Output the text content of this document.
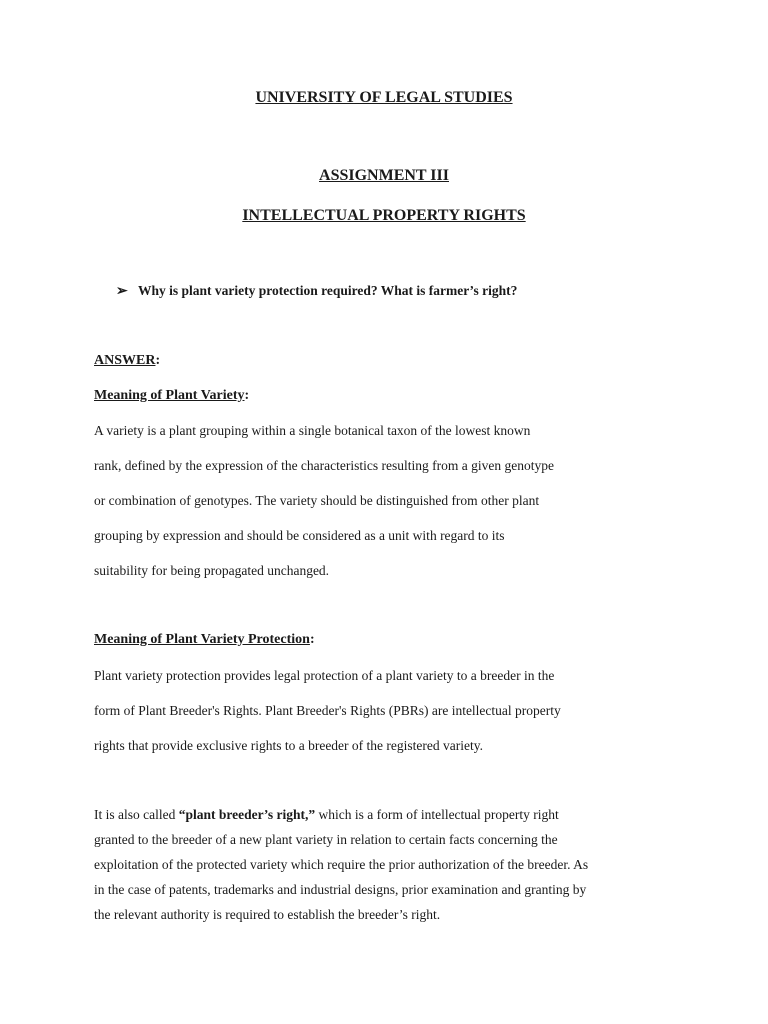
UNIVERSITY OF LEGAL STUDIES
ASSIGNMENT III
INTELLECTUAL PROPERTY RIGHTS
➢ Why is plant variety protection required? What is farmer’s right?
ANSWER:
Meaning of Plant Variety:
A variety is a plant grouping within a single botanical taxon of the lowest known
rank, defined by the expression of the characteristics resulting from a given genotype
or combination of genotypes. The variety should be distinguished from other plant
grouping by expression and should be considered as a unit with regard to its
suitability for being propagated unchanged.
Meaning of Plant Variety Protection:
Plant variety protection provides legal protection of a plant variety to a breeder in the
form of Plant Breeder's Rights. Plant Breeder's Rights (PBRs) are intellectual property
rights that provide exclusive rights to a breeder of the registered variety.
It is also called “plant breeder’s right,” which is a form of intellectual property right
granted to the breeder of a new plant variety in relation to certain facts concerning the
exploitation of the protected variety which require the prior authorization of the breeder. As
in the case of patents, trademarks and industrial designs, prior examination and granting by
the relevant authority is required to establish the breeder’s right.
